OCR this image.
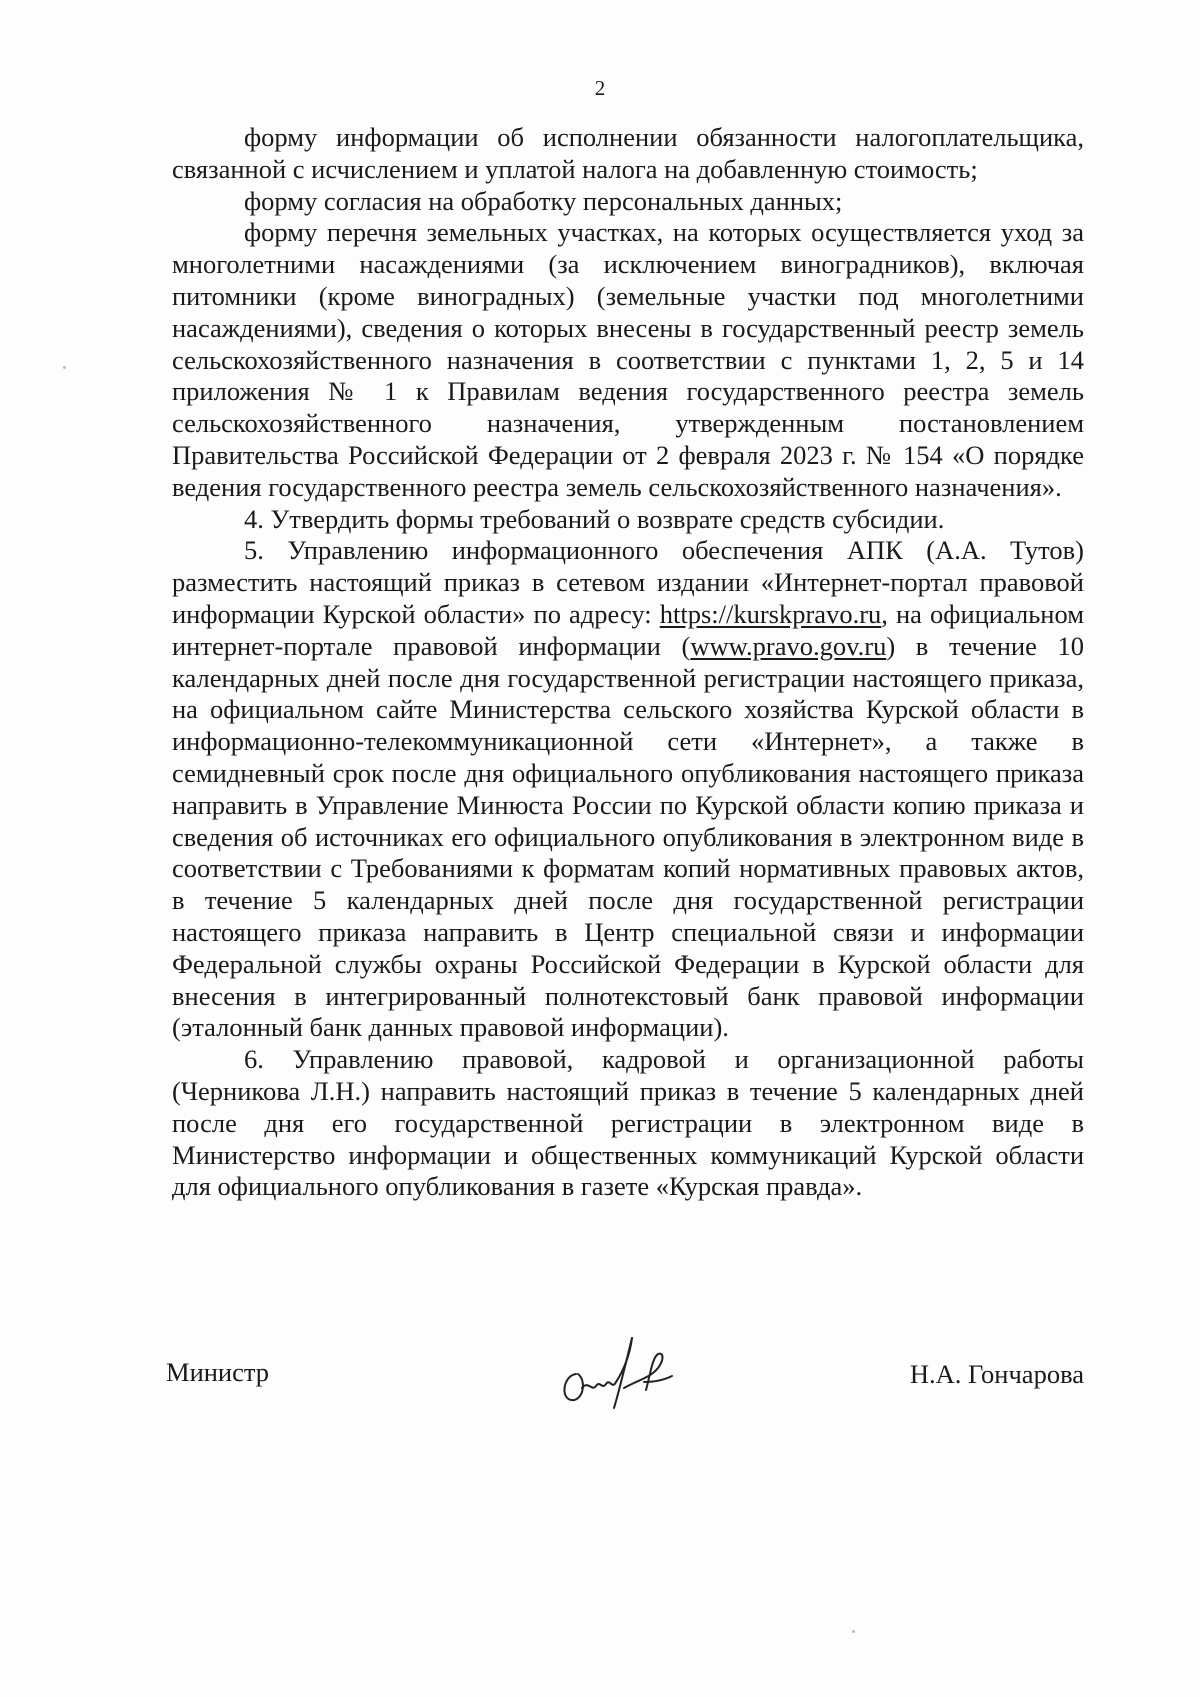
2

форму информации об исполнении обязанности налогоплательщика, связанной с исчислением и уплатой налога на добавленную стоимость;

форму согласия на обработку персональных данных;

форму перечня земельных участках, на которых осуществляется уход за многолетними насаждениями (за исключением виноградников), включая питомники (кроме виноградных) (земельные участки под многолетними насаждениями), сведения о которых внесены в государственный реестр земель сельскохозяйственного назначения в соответствии с пунктами 1, 2, 5 и 14 приложения № 1 к Правилам ведения государственного реестра земель сельскохозяйственного назначения, утвержденным постановлением Правительства Российской Федерации от 2 февраля 2023 г. № 154 «О порядке ведения государственного реестра земель сельскохозяйственного назначения».

4. Утвердить формы требований о возврате средств субсидии.

5. Управлению информационного обеспечения АПК (А.А. Тутов) разместить настоящий приказ в сетевом издании «Интернет-портал правовой информации Курской области» по адресу: https://kurskpravo.ru, на официальном интернет-портале правовой информации (www.pravo.gov.ru) в течение 10 календарных дней после дня государственной регистрации настоящего приказа, на официальном сайте Министерства сельского хозяйства Курской области в информационно-телекоммуникационной сети «Интернет», а также в семидневный срок после дня официального опубликования настоящего приказа направить в Управление Минюста России по Курской области копию приказа и сведения об источниках его официального опубликования в электронном виде в соответствии с Требованиями к форматам копий нормативных правовых актов, в течение 5 календарных дней после дня государственной регистрации настоящего приказа направить в Центр специальной связи и информации Федеральной службы охраны Российской Федерации в Курской области для внесения в интегрированный полнотекстовый банк правовой информации (эталонный банк данных правовой информации).

6. Управлению правовой, кадровой и организационной работы (Черникова Л.Н.) направить настоящий приказ в течение 5 календарных дней после дня его государственной регистрации в электронном виде в Министерство информации и общественных коммуникаций Курской области для официального опубликования в газете «Курская правда».

Министр	Н.А. Гончарова
